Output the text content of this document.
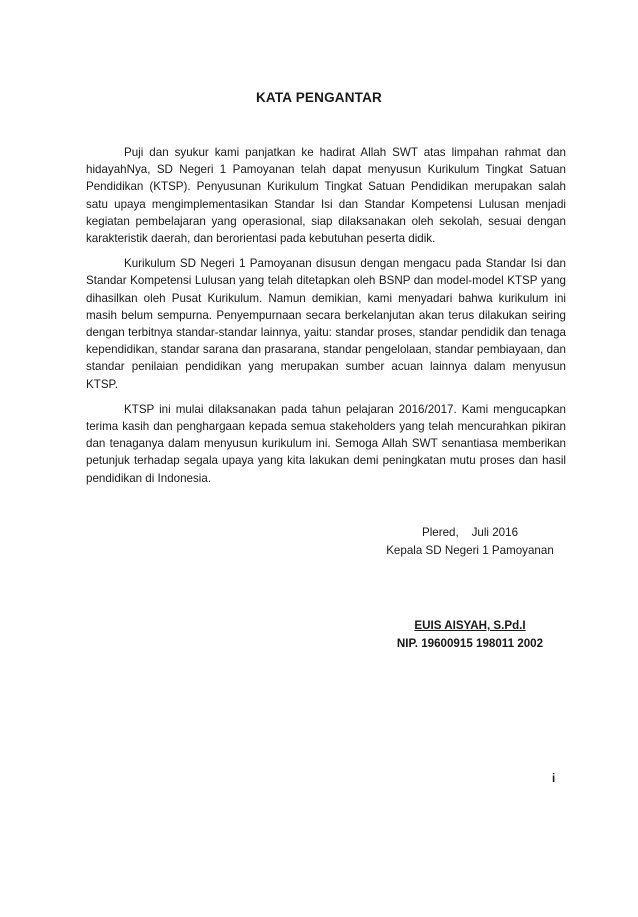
KATA PENGANTAR

Puji dan syukur kami panjatkan ke hadirat Allah SWT atas limpahan rahmat dan hidayahNya, SD Negeri 1 Pamoyanan telah dapat menyusun Kurikulum Tingkat Satuan Pendidikan (KTSP). Penyusunan Kurikulum Tingkat Satuan Pendidikan merupakan salah satu upaya mengimplementasikan Standar Isi dan Standar Kompetensi Lulusan menjadi kegiatan pembelajaran yang operasional, siap dilaksanakan oleh sekolah, sesuai dengan karakteristik daerah, dan berorientasi pada kebutuhan peserta didik.

Kurikulum SD Negeri 1 Pamoyanan disusun dengan mengacu pada Standar Isi dan Standar Kompetensi Lulusan yang telah ditetapkan oleh BSNP dan model-model KTSP yang dihasilkan oleh Pusat Kurikulum. Namun demikian, kami menyadari bahwa kurikulum ini masih belum sempurna. Penyempurnaan secara berkelanjutan akan terus dilakukan seiring dengan terbitnya standar-standar lainnya, yaitu: standar proses, standar pendidik dan tenaga kependidikan, standar sarana dan prasarana, standar pengelolaan, standar pembiayaan, dan standar penilaian pendidikan yang merupakan sumber acuan lainnya dalam menyusun KTSP.

KTSP ini mulai dilaksanakan pada tahun pelajaran 2016/2017. Kami mengucapkan terima kasih dan penghargaan kepada semua stakeholders yang telah mencurahkan pikiran dan tenaganya dalam menyusun kurikulum ini. Semoga Allah SWT senantiasa memberikan petunjuk terhadap segala upaya yang kita lakukan demi peningkatan mutu proses dan hasil pendidikan di Indonesia.

Plered,    Juli 2016
Kepala SD Negeri 1 Pamoyanan
EUIS AISYAH, S.Pd.I
NIP. 19600915 198011 2002
i
